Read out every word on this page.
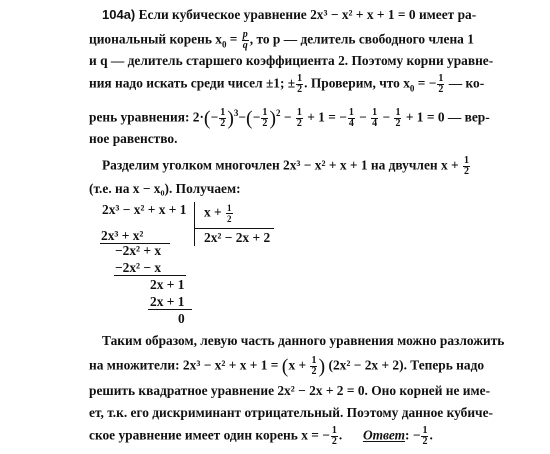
104а) Если кубическое уравнение 2x³ − x² + x + 1 = 0 имеет ра-
циональный корень $x_0 = \frac{p}{q}$ , то p — делитель свободного члена 1
и q — делитель старшего коэффициента 2. Поэтому корни уравне-
ния надо искать среди чисел ±1; ± $\frac{1}{2}$ . Проверим, что $x_0$ = − $\frac{1}{2}$ — ко-
рень уравнения: $2\cdot(- \frac{1}{2} )^3-(- \frac{1}{2} )^2 - \frac{1}{2} + 1$ = − $\frac{1}{4} - \frac{1}{4} - \frac{1}{2} + 1 = 0$ — вер-
ное равенство.
Разделим уголком многочлен 2x³ − x² + x + 1 на двучлен $x + \frac{1}{2}$
(т.е. на x − x₀). Получаем:
2x³ − x² + x + 1 $x + \frac{1}{2}$
2x² − 2x + 2
2x³ + x²
−2x² + x
−2x² − x
2x + 1
2x + 1
0
Таким образом, левую часть данного уравнения можно разложить
на множители: $2x^3 - x^2 + x + 1 = (x + \frac{1}{2}$ ) (2x² − 2x + 2). Теперь надо
решить квадратное уравнение 2x² − 2x + 2 = 0. Оно корней не име-
ет, т.к. его дискриминант отрицательный. Поэтому данное кубиче-
ское уравнение имеет один корень x = − $\frac{1}{2}$ . Ответ: − $\frac{1}{2}$ .
